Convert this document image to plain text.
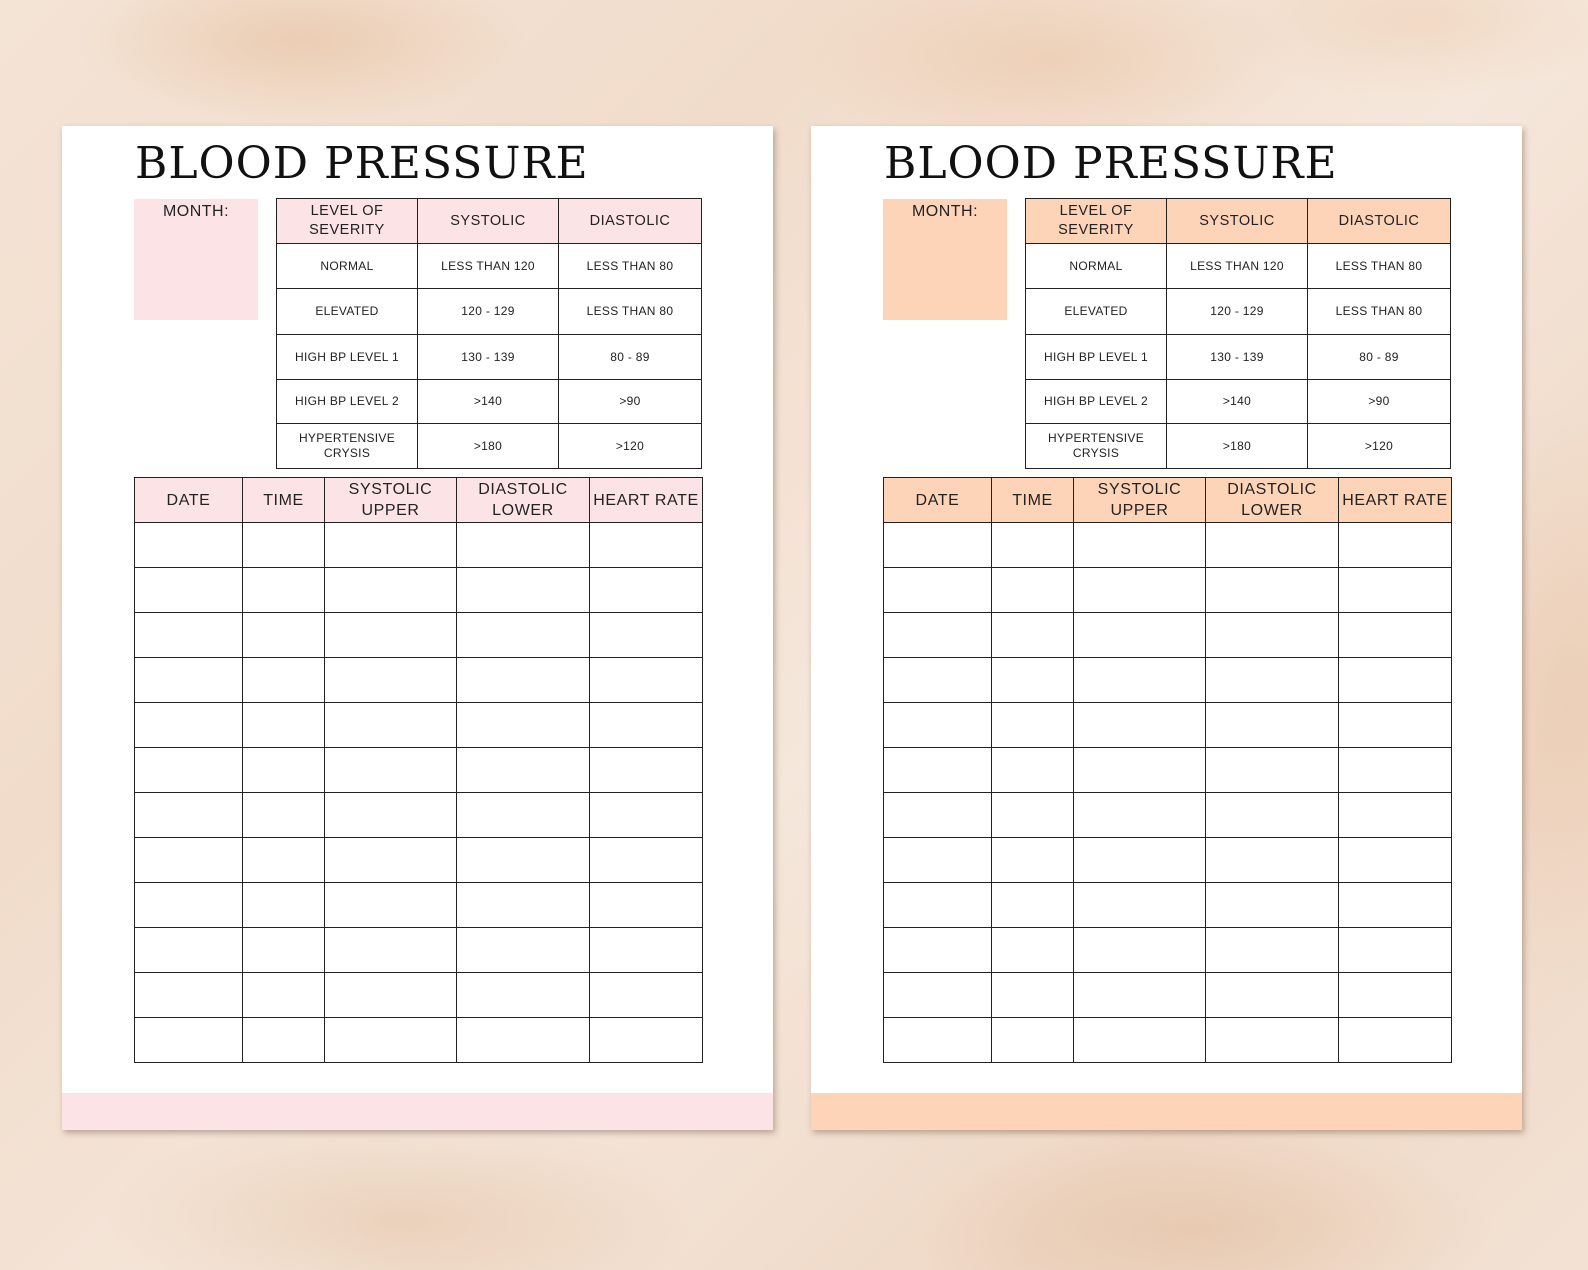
BLOOD PRESSURE
MONTH:	LEVEL OF SEVERITY	SYSTOLIC	DIASTOLIC
NORMAL	LESS THAN 120	LESS THAN 80
ELEVATED	120 - 129	LESS THAN 80
HIGH BP LEVEL 1	130 - 139	80 - 89
HIGH BP LEVEL 2	>140	>90
HYPERTENSIVE CRYSIS	>180	>120
DATE	TIME	SYSTOLIC UPPER	DIASTOLIC LOWER	HEART RATE

BLOOD PRESSURE
MONTH:	LEVEL OF SEVERITY	SYSTOLIC	DIASTOLIC
NORMAL	LESS THAN 120	LESS THAN 80
ELEVATED	120 - 129	LESS THAN 80
HIGH BP LEVEL 1	130 - 139	80 - 89
HIGH BP LEVEL 2	>140	>90
HYPERTENSIVE CRYSIS	>180	>120
DATE	TIME	SYSTOLIC UPPER	DIASTOLIC LOWER	HEART RATE
